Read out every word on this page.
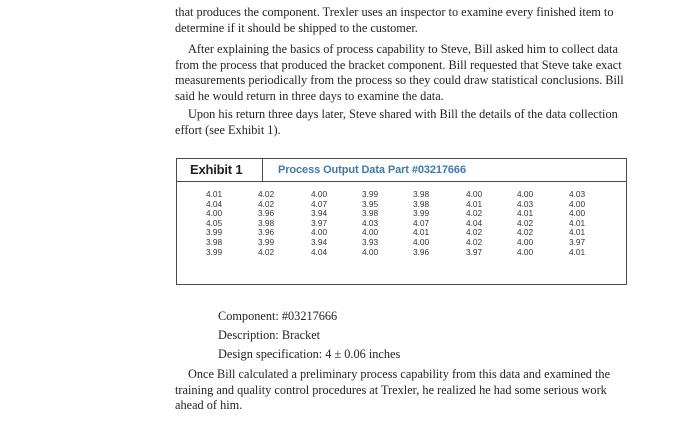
that produces the component. Trexler uses an inspector to examine every finished item to
determine if it should be shipped to the customer.

After explaining the basics of process capability to Steve, Bill asked him to collect data
from the process that produced the bracket component. Bill requested that Steve take exact
measurements periodically from the process so they could draw statistical conclusions. Bill
said he would return in three days to examine the data.

Upon his return three days later, Steve shared with Bill the details of the data collection
effort (see Exhibit 1).

Exhibit 1	Process Output Data Part #03217666
4.01
4.04
4.00
4.05
3.99
3.98
3.99
4.02
4.02
3.96
3.98
3.96
3.99
4.02
4.00
4.07
3.94
3.97
4.00
3.94
4.04
3.99
3.95
3.98
4.03
4.00
3.93
4.00
3.98
3.98
3.99
4.07
4.01
4.00
3.96
4.00
4.01
4.02
4.04
4.02
4.02
3.97
4.00
4.03
4.01
4.02
4.02
4.00
4.00
4.03
4.00
4.00
4.01
4.01
3.97
4.01

Component: #03217666

Description: Bracket

Design specification: 4 ± 0.06 inches

Once Bill calculated a preliminary process capability from this data and examined the
training and quality control procedures at Trexler, he realized he had some serious work
ahead of him.
